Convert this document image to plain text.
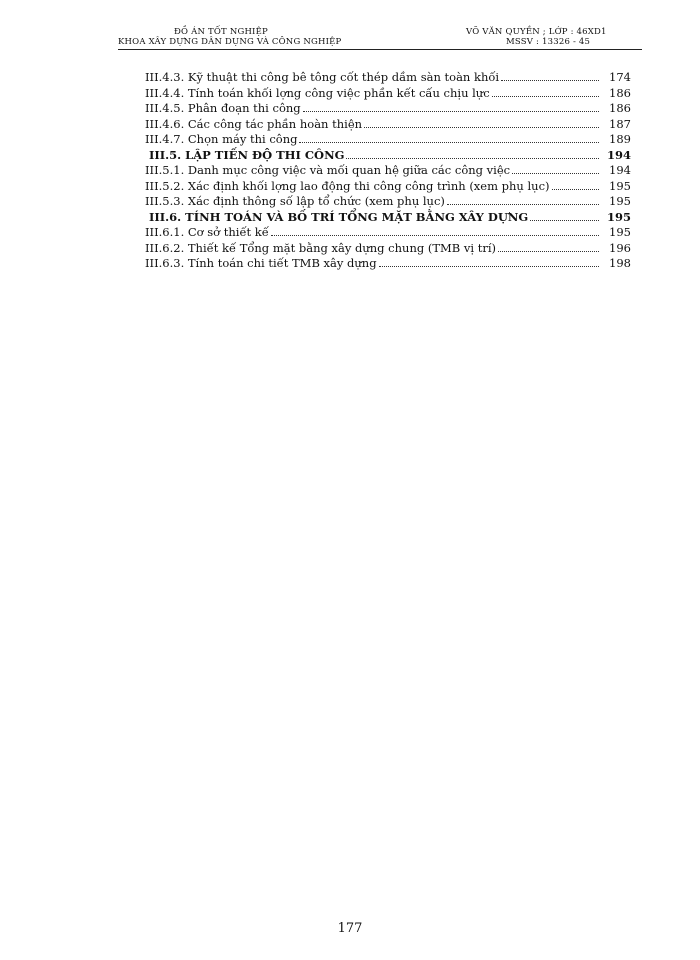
ĐỒ ÁN TỐT NGHIỆP
KHOA XÂY DỰNG DÂN DỤNG VÀ CÔNG NGHIỆP
VÕ VĂN QUYỀN ; LỚP : 46XD1
MSSV : 13326 - 45
III.4.3. Kỹ thuật thi công bê tông cốt thép dầm sàn toàn khối	174
III.4.4. Tính toán khối lợng công việc phần kết cấu chịu lực	186
III.4.5. Phân đoạn thi công	186
III.4.6. Các công tác phần hoàn thiện	187
III.4.7. Chọn máy thi công	189
III.5. LẬP TIẾN ĐỘ THI CÔNG	194
III.5.1. Danh mục công việc và mối quan hệ giữa các công việc	194
III.5.2. Xác định khối lợng lao động thi công công trình (xem phụ lục)	195
III.5.3. Xác định thông số lập tổ chức (xem phụ lục)	195
III.6. TÍNH TOÁN VÀ BỐ TRÍ TỔNG MẶT BẰNG XÂY DỰNG	195
III.6.1. Cơ sở thiết kế	195
III.6.2. Thiết kế Tổng mặt bằng xây dựng chung (TMB vị trí)	196
III.6.3. Tính toán chi tiết TMB xây dựng	198
177
